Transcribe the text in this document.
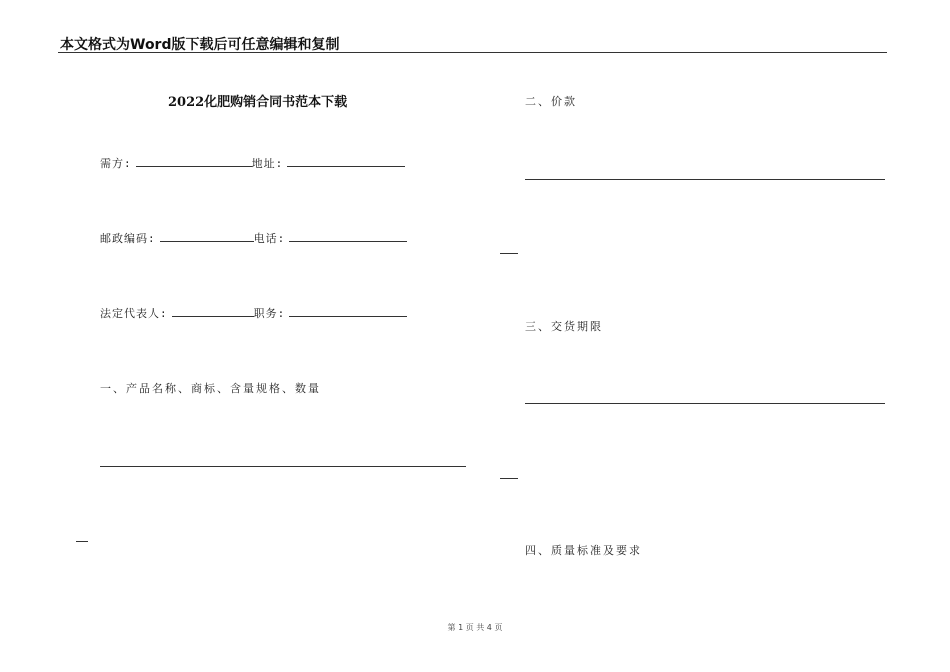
本文格式为Word版下载后可任意编辑和复制
2022化肥购销合同书范本下载
需方:	地址:
邮政编码:	电话:
法定代表人:	职务:
一、产品名称、商标、含量规格、数量
二、价款
三、交货期限
四、质量标准及要求
第 1 页 共 4 页
